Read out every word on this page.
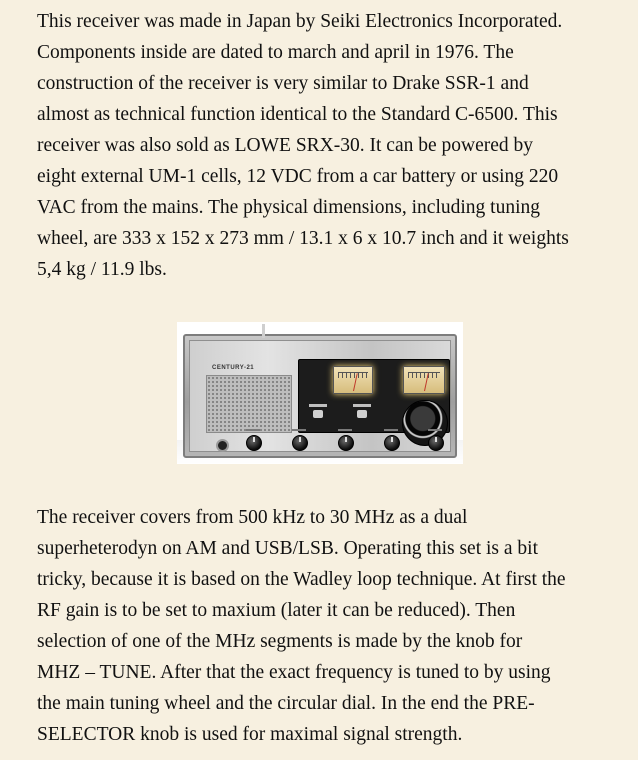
This receiver was made in Japan by Seiki Electronics Incorporated.
Components inside are dated to march and april in 1976. The
construction of the receiver is very similar to Drake SSR-1 and
almost as technical function identical to the Standard C-6500. This
receiver was also sold as LOWE SRX-30. It can be powered by
eight external UM-1 cells, 12 VDC from a car battery or using 220
VAC from the mains. The physical dimensions, including tuning
wheel, are 333 x 152 x 273 mm / 13.1 x 6 x 10.7 inch and it weights
5,4 kg / 11.9 lbs.
CENTURY-21
The receiver covers from 500 kHz to 30 MHz as a dual
superheterodyn on AM and USB/LSB. Operating this set is a bit
tricky, because it is based on the Wadley loop technique. At first the
RF gain is to be set to maxium (later it can be reduced). Then
selection of one of the MHz segments is made by the knob for
MHZ – TUNE. After that the exact frequency is tuned to by using
the main tuning wheel and the circular dial. In the end the PRE-
SELECTOR knob is used for maximal signal strength.
